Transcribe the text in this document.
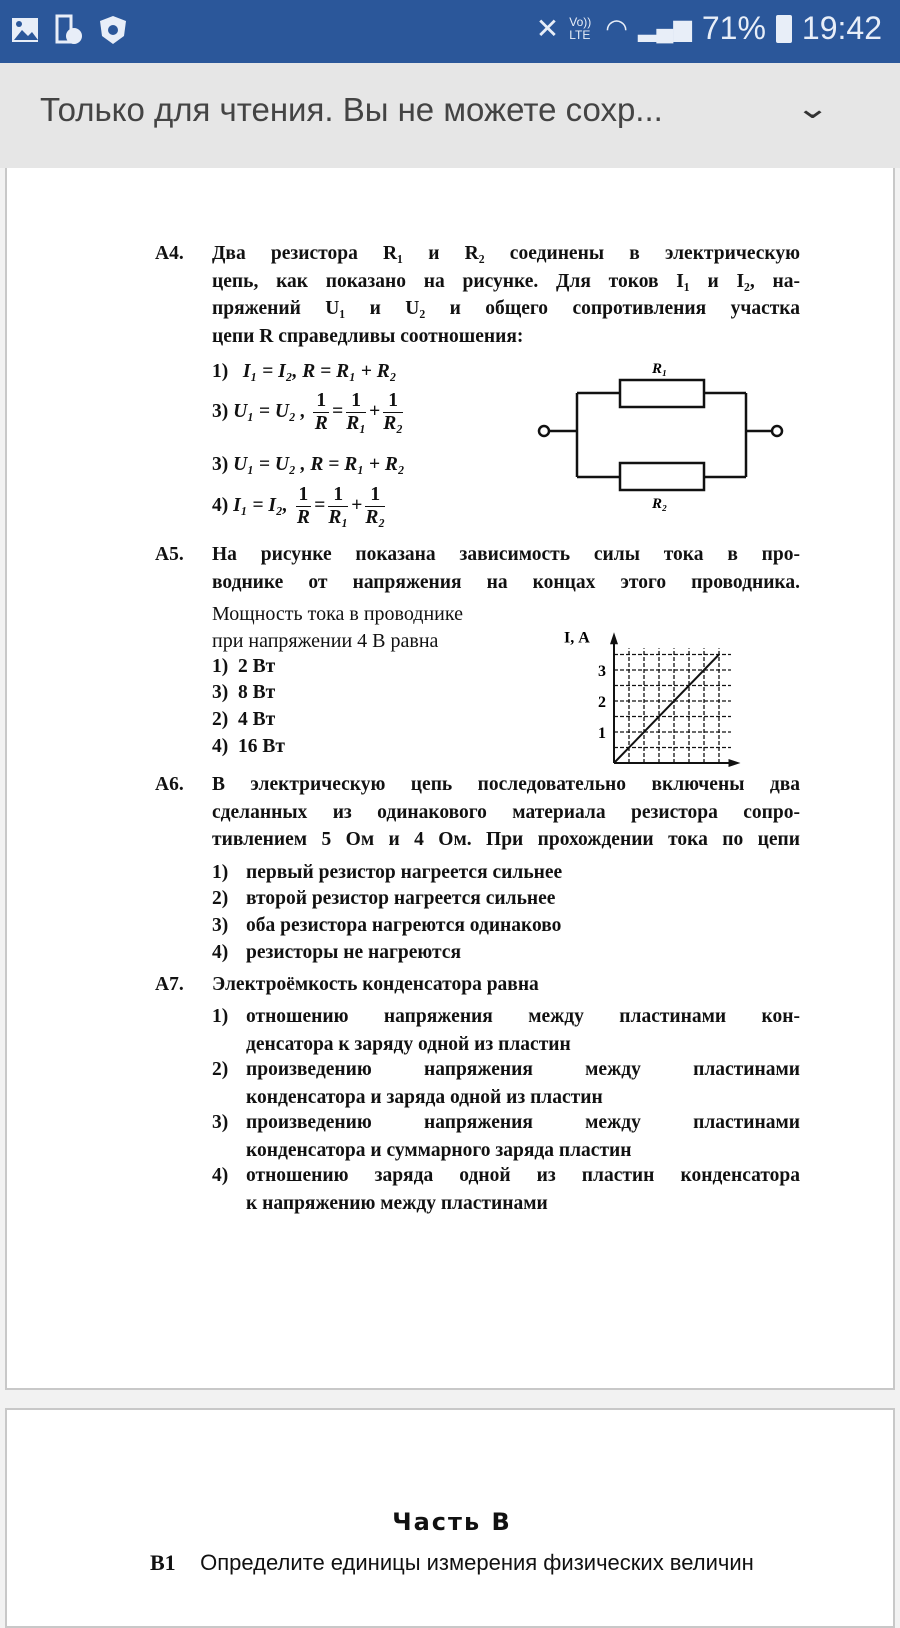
✕ Vo)) LTE ◠ ▂▄▆ 71% 19:42
Только для чтения. Вы не можете сохр...	⌄
А4. Два резистора R₁ и R₂ соединены в электрическую
цепь, как показано на рисунке. Для токов I₁ и I₂, на-
пряжений U₁ и U₂ и общего сопротивления участка
цепи R справедливы соотношения:
1) I₁ = I₂, R = R₁ + R₂
3) U₁ = U₂ , $\frac{1}{R} = \frac{1}{\text{R₁}} + \frac{1}{\text{R₂}}$
3) U₁ = U₂ , R = R₁ + R₂
4) I₁ = I₂, $\frac{1}{R} = \frac{1}{\text{R₁}} + \frac{1}{\text{R₂}}$
R₁
R₂
А5. На рисунке показана зависимость силы тока в про-
воднике от напряжения на концах этого проводника.
Мощность тока в проводнике
при напряжении 4 В равна
1) 2 Вт
3) 8 Вт
2) 4 Вт
4) 16 Вт
1
2
3
I, А
А6. В электрическую цепь последовательно включены два
сделанных из одинакового материала резистора сопро-
тивлением 5 Ом и 4 Ом. При прохождении тока по цепи
1) первый резистор нагреется сильнее
2) второй резистор нагреется сильнее
3) оба резистора нагреются одинаково
4) резисторы не нагреются
А7. Электроёмкость конденсатора равна
1) отношению напряжения между пластинами кон-
денсатора к заряду одной из пластин
2) произведению напряжения между пластинами
конденсатора и заряда одной из пластин
3) произведению напряжения между пластинами
конденсатора и суммарного заряда пластин
4) отношению заряда одной из пластин конденсатора
к напряжению между пластинами
Часть В
В1 Определите единицы измерения физических величин
